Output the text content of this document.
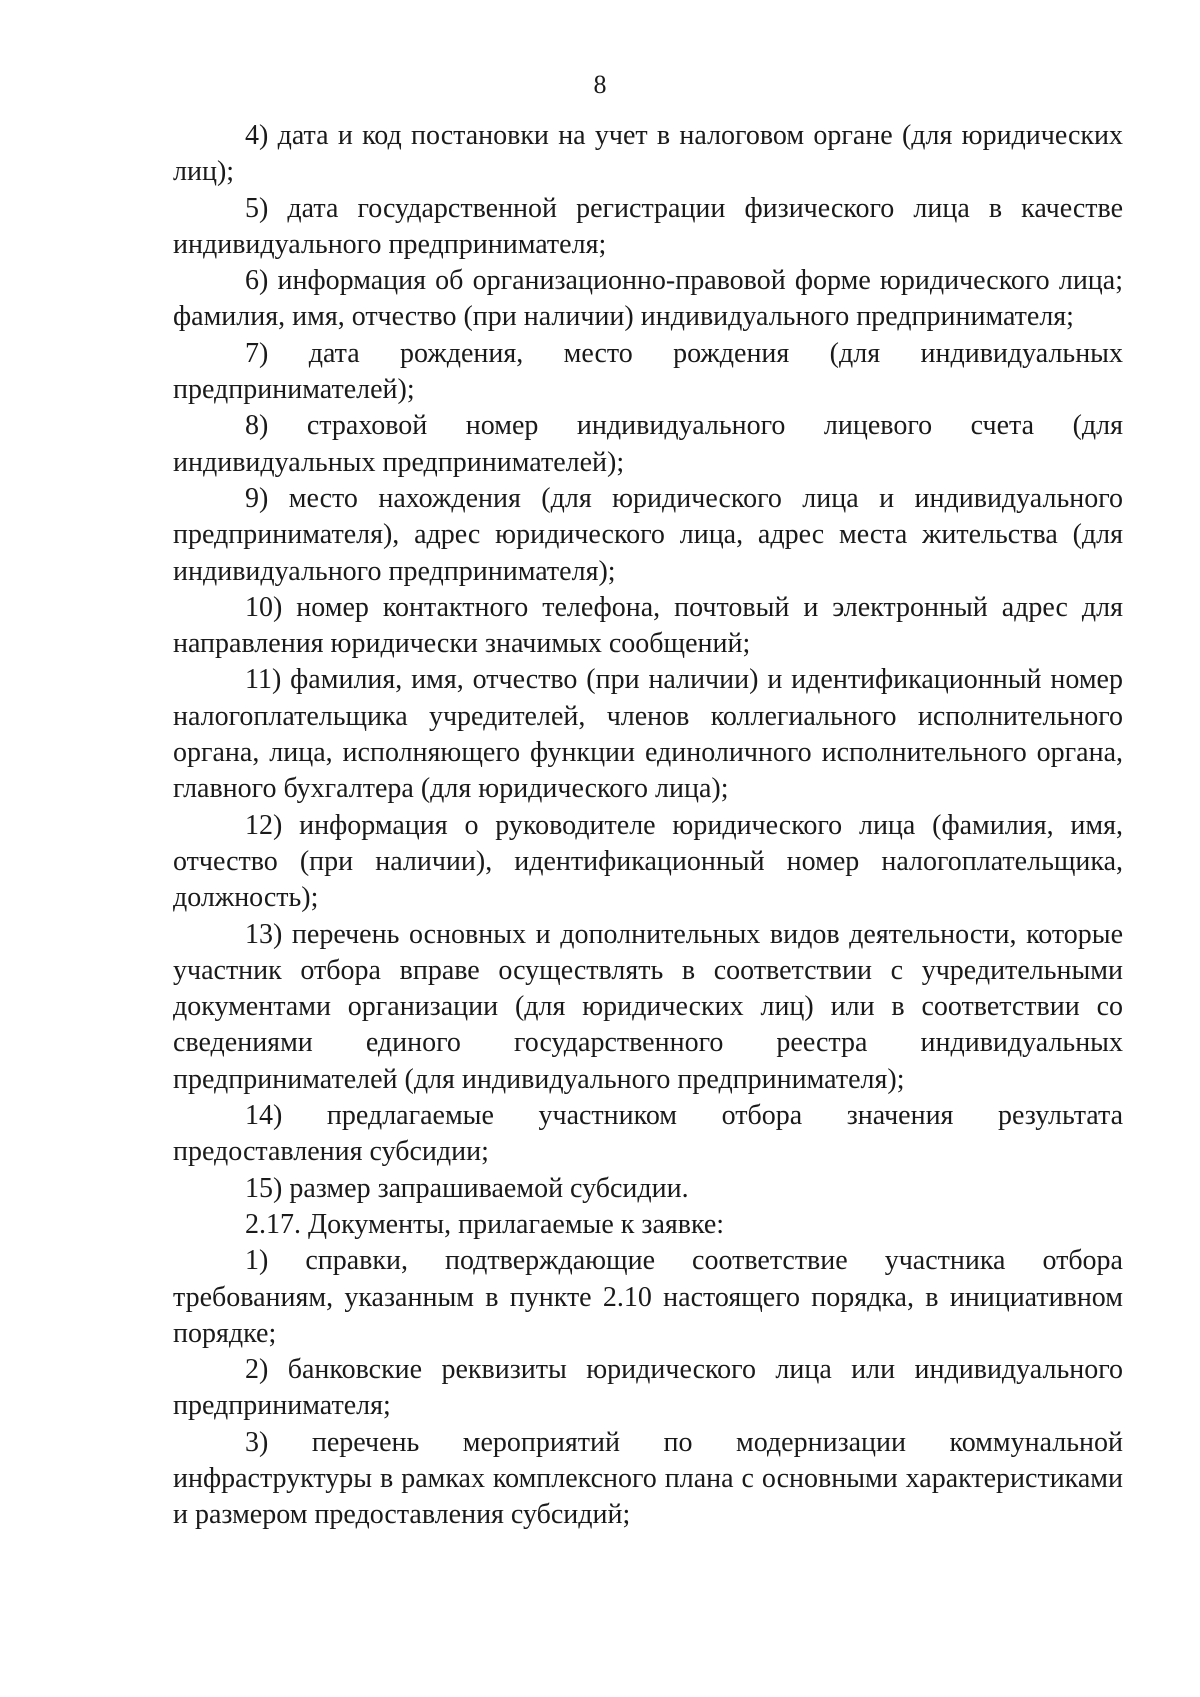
8

4) дата и код постановки на учет в налоговом органе (для юридических лиц);

5) дата государственной регистрации физического лица в качестве индивидуального предпринимателя;

6) информация об организационно-правовой форме юридического лица; фамилия, имя, отчество (при наличии) индивидуального предпринимателя;

7) дата рождения, место рождения (для индивидуальных предпринимателей);

8) страховой номер индивидуального лицевого счета (для индивидуальных предпринимателей);

9) место нахождения (для юридического лица и индивидуального предпринимателя), адрес юридического лица, адрес места жительства (для индивидуального предпринимателя);

10) номер контактного телефона, почтовый и электронный адрес для направления юридически значимых сообщений;

11) фамилия, имя, отчество (при наличии) и идентификационный номер налогоплательщика учредителей, членов коллегиального исполнительного органа, лица, исполняющего функции единоличного исполнительного органа, главного бухгалтера (для юридического лица);

12) информация о руководителе юридического лица (фамилия, имя, отчество (при наличии), идентификационный номер налогоплательщика, должность);

13) перечень основных и дополнительных видов деятельности, которые участник отбора вправе осуществлять в соответствии с учредительными документами организации (для юридических лиц) или в соответствии со сведениями единого государственного реестра индивидуальных предпринимателей (для индивидуального предпринимателя);

14) предлагаемые участником отбора значения результата предоставления субсидии;

15) размер запрашиваемой субсидии.

2.17. Документы, прилагаемые к заявке:

1) справки, подтверждающие соответствие участника отбора требованиям, указанным в пункте 2.10 настоящего порядка, в инициативном порядке;

2) банковские реквизиты юридического лица или индивидуального предпринимателя;

3) перечень мероприятий по модернизации коммунальной инфраструктуры в рамках комплексного плана с основными характеристиками и размером предоставления субсидий;
